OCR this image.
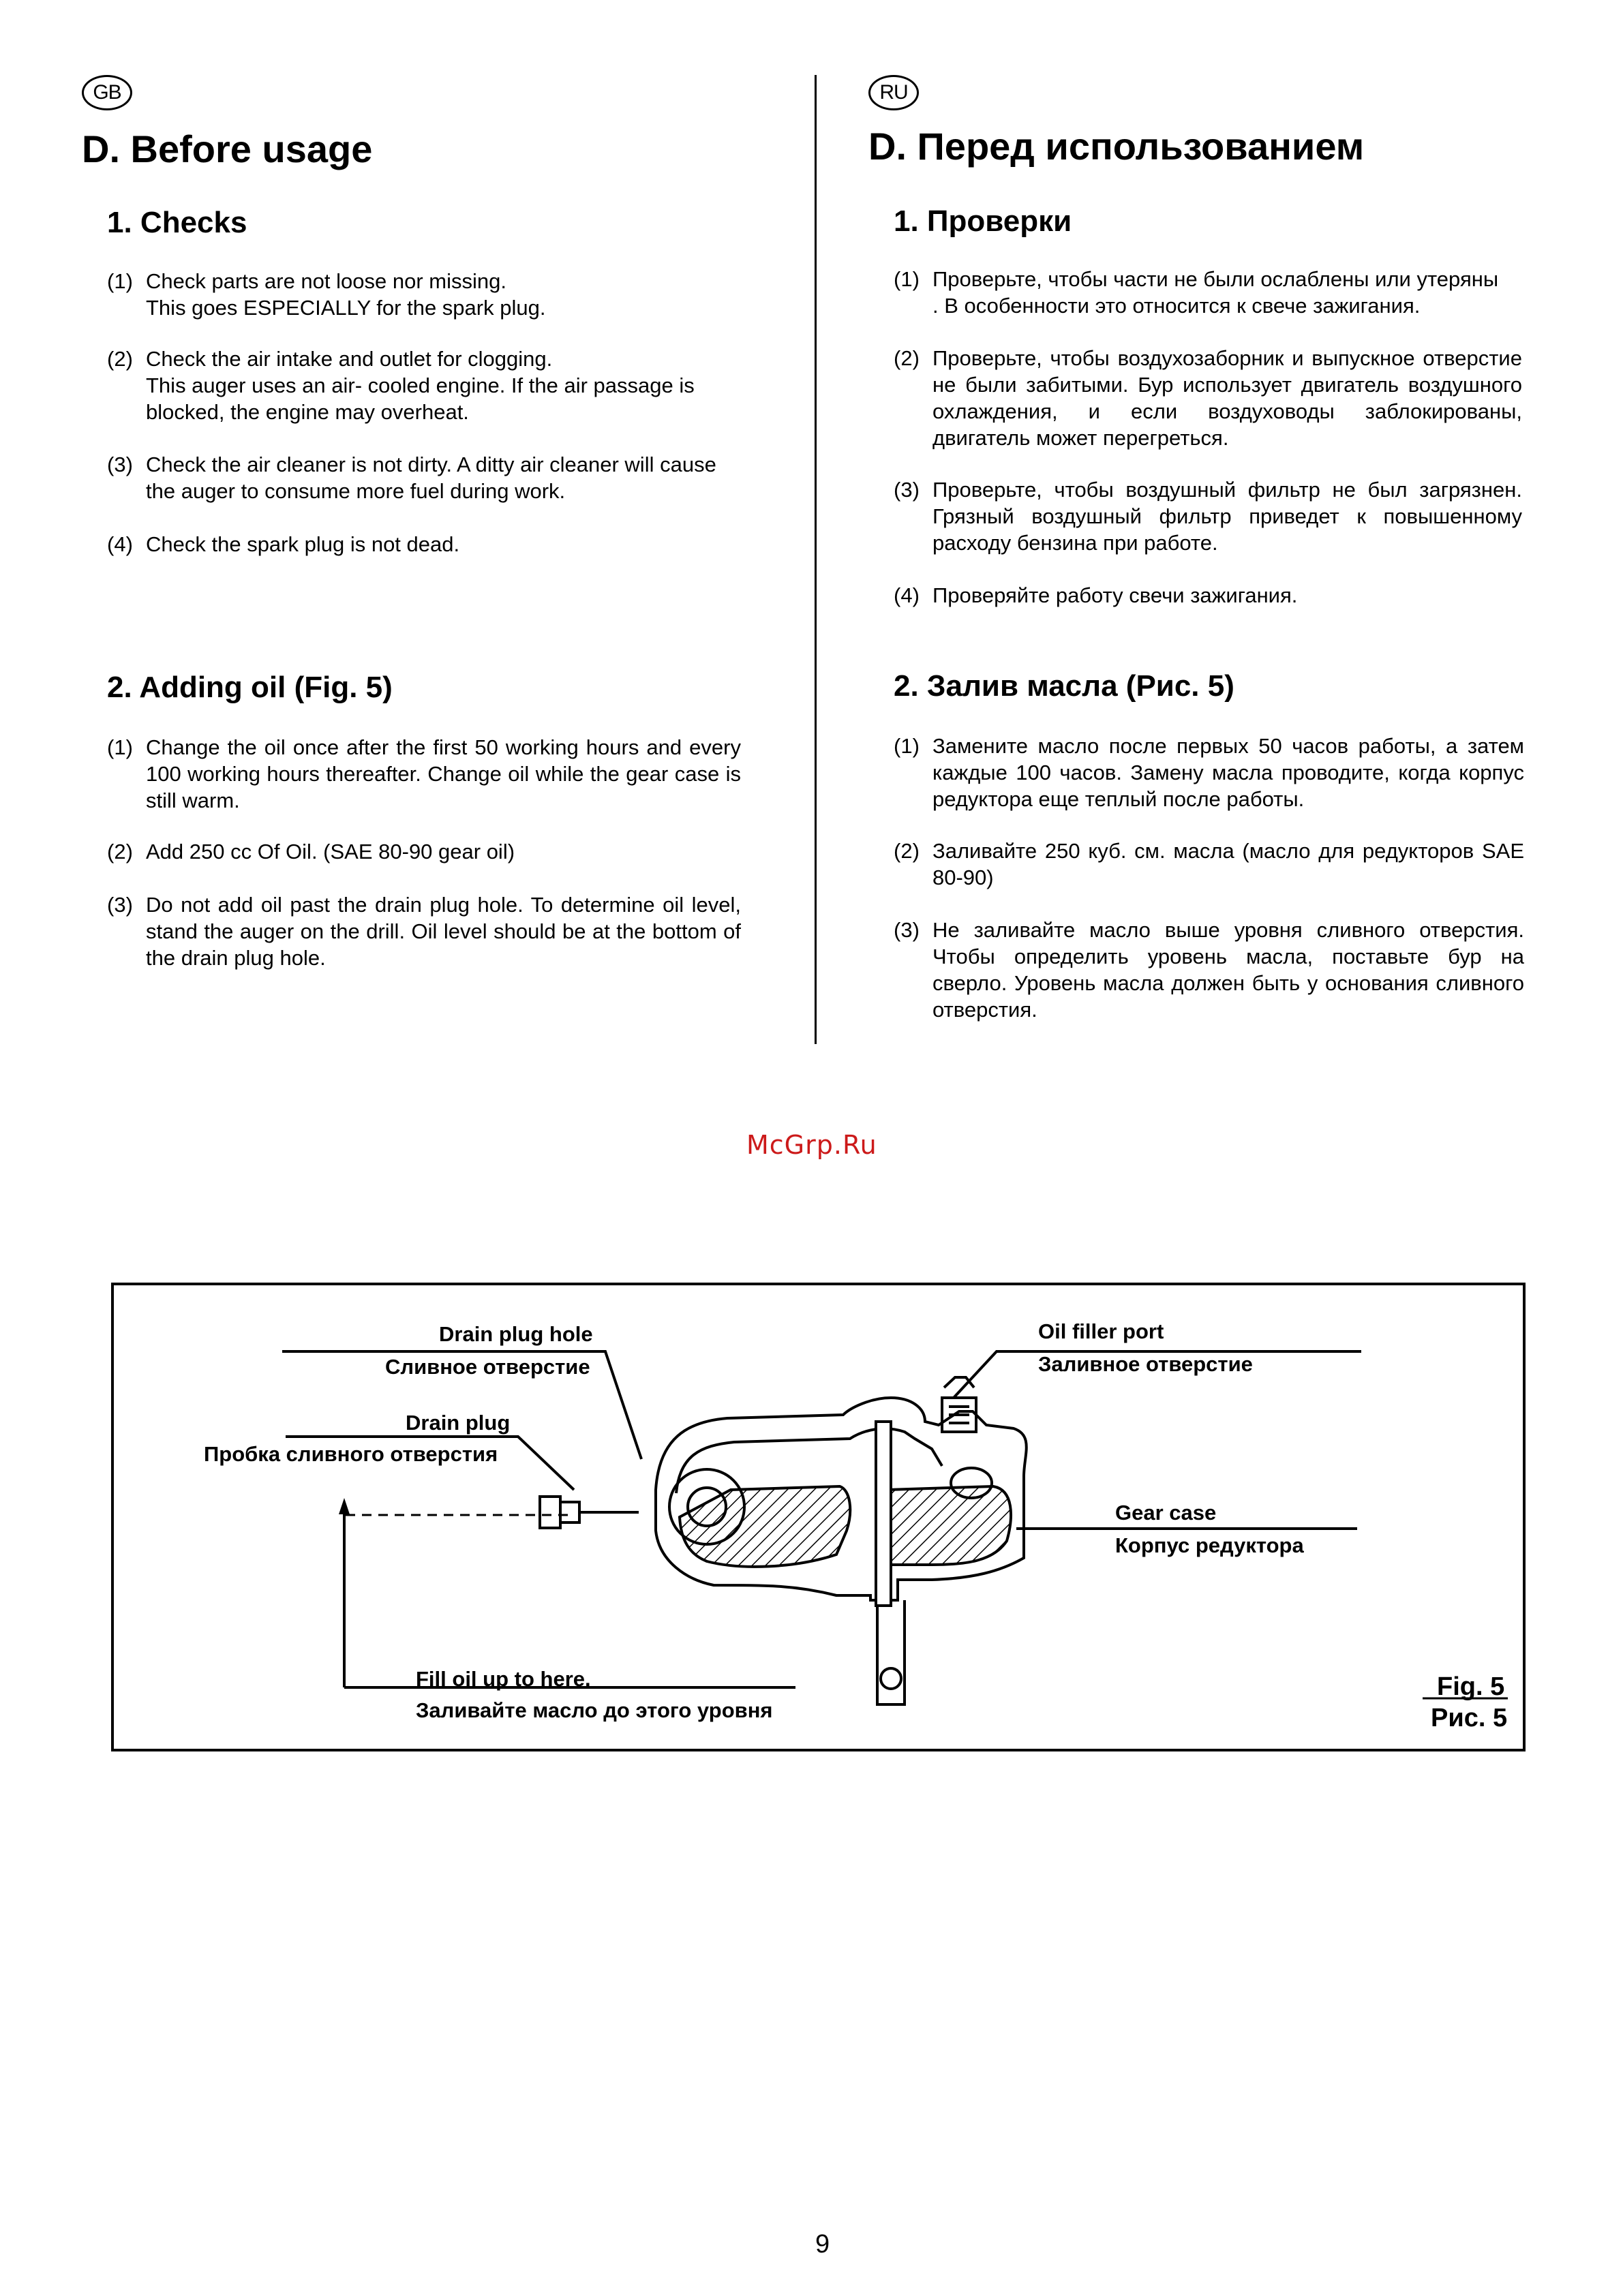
GB
D. Before usage
1. Checks
(1) Check parts are not loose nor missing.
This goes ESPECIALLY for the spark plug.
(2) Check the air intake and outlet for clogging.
This auger uses an air- cooled engine. If the air passage is blocked, the engine may overheat.
(3) Check the air cleaner is not dirty. A ditty air cleaner will cause the auger to consume more fuel during work.
(4) Check the spark plug is not dead.
2. Adding oil (Fig. 5)
(1) Change the oil once after the first 50 working hours and every 100 working hours thereafter. Change oil while the gear case is still warm.
(2) Add 250 cc Of Oil. (SAE 80-90 gear oil)
(3) Do not add oil past the drain plug hole. To determine oil level, stand the auger on the drill. Oil level should be at the bottom of the drain plug hole.
RU
D. Перед использованием
1. Проверки
(1) Проверьте, чтобы части не были ослаблены или утеряны
. В особенности это относится к свече зажигания.
(2) Проверьте, чтобы воздухозаборник и выпускное отверстие не были забитыми. Бур использует двигатель воздушного охлаждения, и если воздуховоды заблокированы, двигатель может перегреться.
(3) Проверьте, чтобы воздушный фильтр не был загрязнен. Грязный воздушный фильтр приведет к повышенному расходу бензина при работе.
(4) Проверяйте работу свечи зажигания.
2. Залив масла (Рис. 5)
(1) Замените масло после первых 50 часов работы, а затем каждые 100 часов. Замену масла проводите, когда корпус редуктора еще теплый после работы.
(2) Заливайте 250 куб. см. масла (масло для редукторов SAE 80-90)
(3) Не заливайте масло выше уровня сливного отверстия. Чтобы определить уровень масла, поставьте бур на сверло. Уровень масла должен быть у основания сливного отверстия.
McGrp.Ru
Drain plug hole
Сливное отверстие
Drain plug
Пробка сливного отверстия
Oil filler port
Заливное отверстие
Gear case
Корпус редуктора
Fill oil up to here.
Заливайте масло до этого уровня
Fig. 5
Рис. 5
9
